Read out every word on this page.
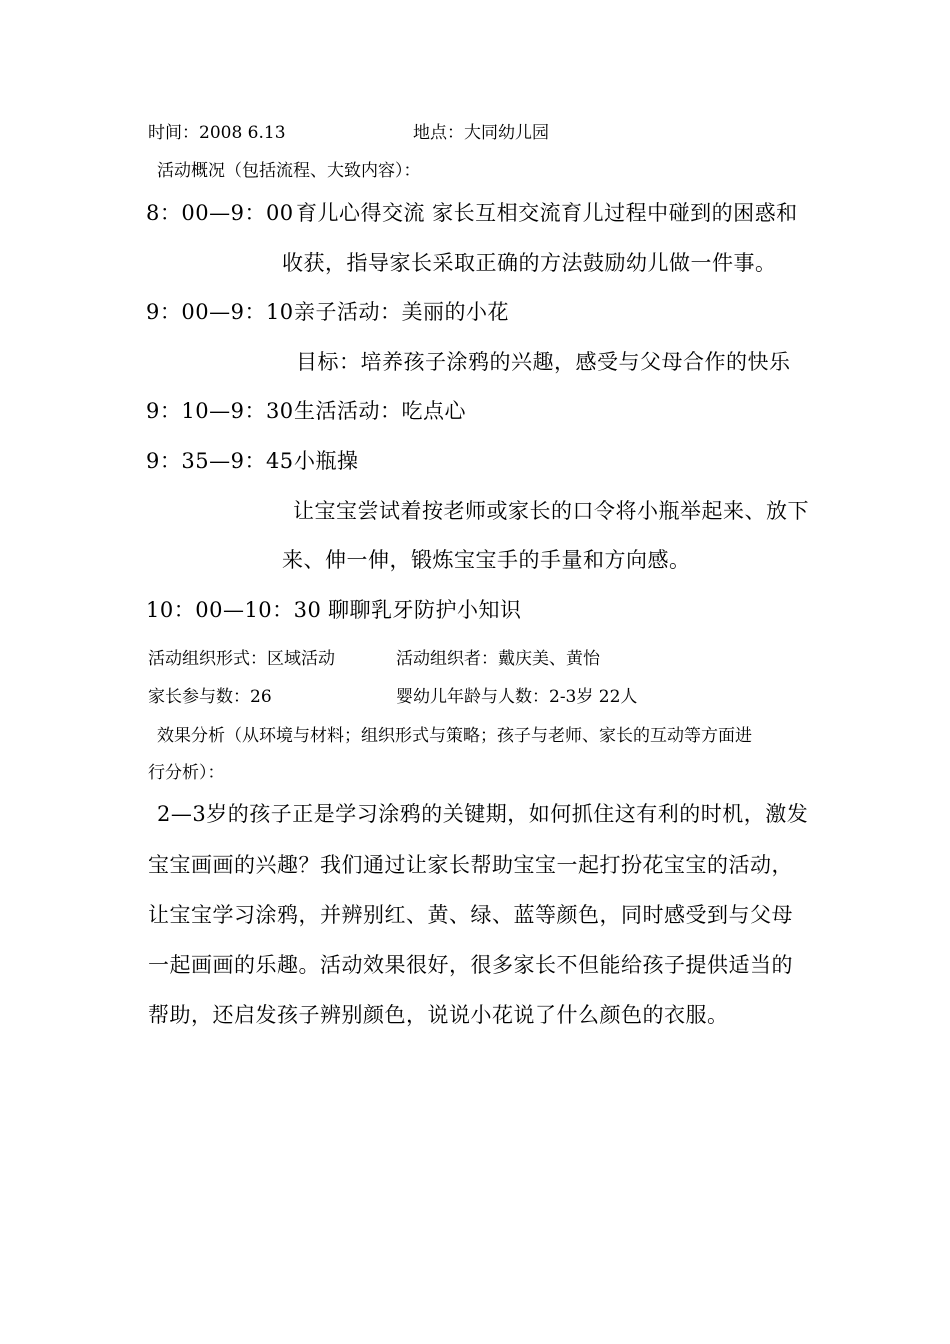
时间：2008 6.13	地点：大同幼儿园
活动概况（包括流程、大致内容）：
8：00—9：00 育儿心得交流 家长互相交流育儿过程中碰到的困惑和
收获，指导家长采取正确的方法鼓励幼儿做一件事。
9：00—9：10 亲子活动：美丽的小花
目标：培养孩子涂鸦的兴趣，感受与父母合作的快乐
9：10—9：30 生活活动：吃点心
9：35—9：45 小瓶操
让宝宝尝试着按老师或家长的口令将小瓶举起来、放下
来、伸一伸，锻炼宝宝手的手量和方向感。
10：00—10：30 聊聊乳牙防护小知识
活动组织形式：区域活动	活动组织者：戴庆美、黄怡
家长参与数：26	婴幼儿年龄与人数：2-3岁 22人
效果分析（从环境与材料；组织形式与策略；孩子与老师、家长的互动等方面进
行分析）：
2—3岁的孩子正是学习涂鸦的关键期，如何抓住这有利的时机，激发
宝宝画画的兴趣？我们通过让家长帮助宝宝一起打扮花宝宝的活动，
让宝宝学习涂鸦，并辨别红、黄、绿、蓝等颜色，同时感受到与父母
一起画画的乐趣。活动效果很好，很多家长不但能给孩子提供适当的
帮助，还启发孩子辨别颜色，说说小花说了什么颜色的衣服。
